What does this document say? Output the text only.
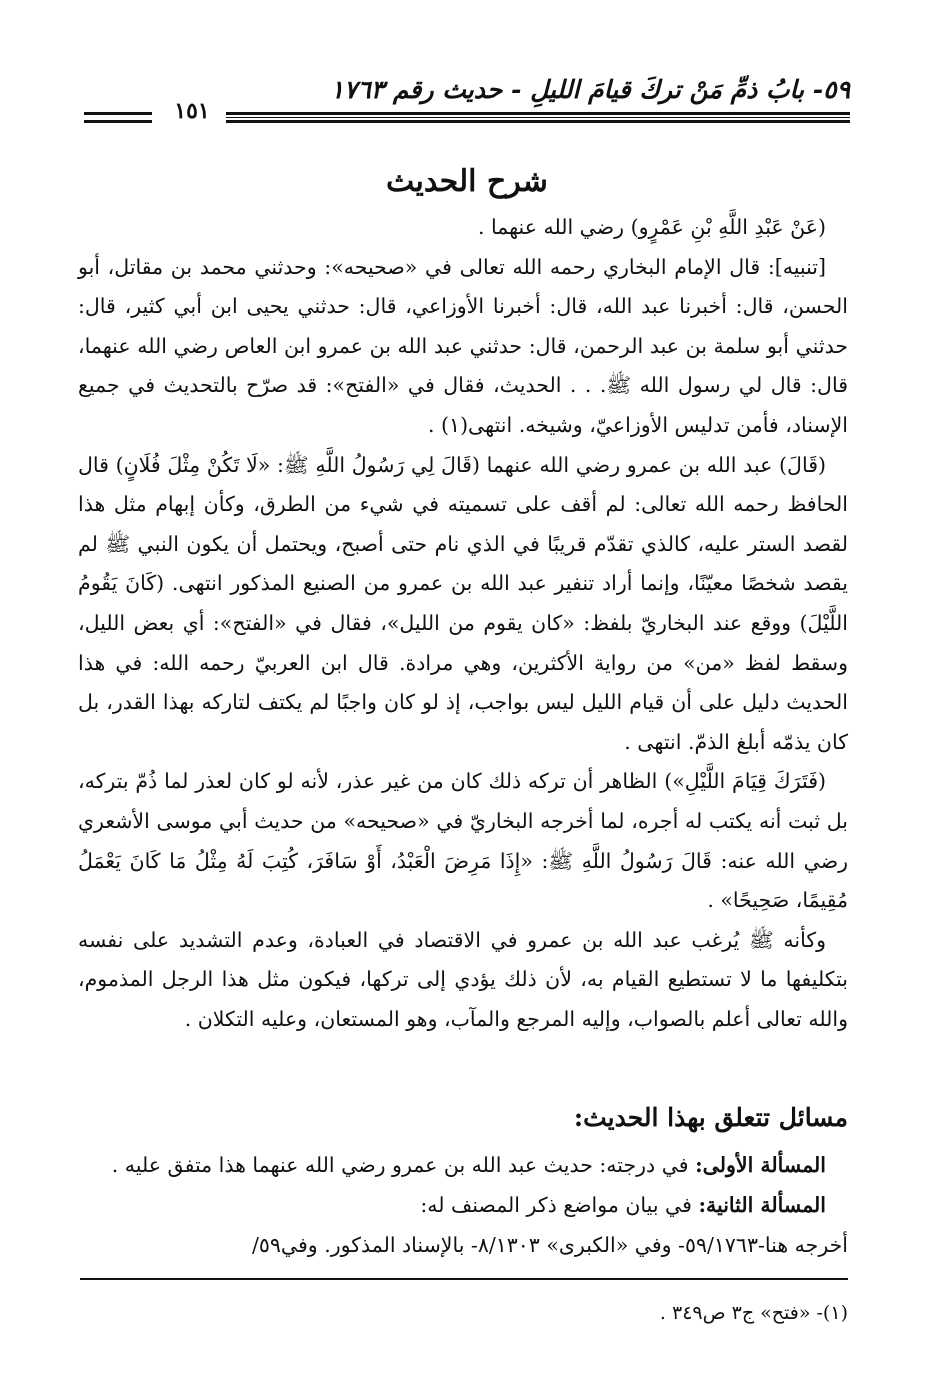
٥٩- بابُ ذمِّ مَنْ تركَ قيامَ الليلِ - حديث رقم ١٧٦٣
١٥١
شرح الحديث

(عَنْ عَبْدِ اللَّهِ بْنِ عَمْرٍو) رضي الله عنهما .

[تنبيه]: قال الإمام البخاري رحمه الله تعالى في «صحيحه»: وحدثني محمد بن مقاتل، أبو الحسن، قال: أخبرنا عبد الله، قال: أخبرنا الأوزاعي، قال: حدثني يحيى ابن أبي كثير، قال: حدثني أبو سلمة بن عبد الرحمن، قال: حدثني عبد الله بن عمرو ابن العاص رضي الله عنهما، قال: قال لي رسول الله ﷺ. . . الحديث، فقال في «الفتح»: قد صرّح بالتحديث في جميع الإسناد، فأمن تدليس الأوزاعيّ، وشيخه. انتهى(١) .

(قَالَ) عبد الله بن عمرو رضي الله عنهما (قَالَ لِي رَسُولُ اللَّهِ ﷺ: «لَا تَكُنْ مِثْلَ فُلَانٍ) قال الحافظ رحمه الله تعالى: لم أقف على تسميته في شيء من الطرق، وكأن إبهام مثل هذا لقصد الستر عليه، كالذي تقدّم قريبًا في الذي نام حتى أصبح، ويحتمل أن يكون النبي ﷺ لم يقصد شخصًا معيّنًا، وإنما أراد تنفير عبد الله بن عمرو من الصنيع المذكور انتهى. (كَانَ يَقُومُ اللَّيْلَ) ووقع عند البخاريّ بلفظ: «كان يقوم من الليل»، فقال في «الفتح»: أي بعض الليل، وسقط لفظ «من» من رواية الأكثرين، وهي مرادة. قال ابن العربيّ رحمه الله: في هذا الحديث دليل على أن قيام الليل ليس بواجب، إذ لو كان واجبًا لم يكتف لتاركه بهذا القدر، بل كان يذمّه أبلغ الذمّ. انتهى .

(فَتَرَكَ قِيَامَ اللَّيْلِ») الظاهر أن تركه ذلك كان من غير عذر، لأنه لو كان لعذر لما ذُمّ بتركه، بل ثبت أنه يكتب له أجره، لما أخرجه البخاريّ في «صحيحه» من حديث أبي موسى الأشعري رضي الله عنه: قَالَ رَسُولُ اللَّهِ ﷺ: «إِذَا مَرِضَ الْعَبْدُ، أَوْ سَافَرَ، كُتِبَ لَهُ مِثْلُ مَا كَانَ يَعْمَلُ مُقِيمًا، صَحِيحًا» .

وكأنه ﷺ يُرغب عبد الله بن عمرو في الاقتصاد في العبادة، وعدم التشديد على نفسه بتكليفها ما لا تستطيع القيام به، لأن ذلك يؤدي إلى تركها، فيكون مثل هذا الرجل المذموم، والله تعالى أعلم بالصواب، وإليه المرجع والمآب، وهو المستعان، وعليه التكلان .

مسائل تتعلق بهذا الحديث:

المسألة الأولى: في درجته: حديث عبد الله بن عمرو رضي الله عنهما هذا متفق عليه .

المسألة الثانية: في بيان مواضع ذكر المصنف له:

أخرجه هنا-٥٩/١٧٦٣- وفي «الكبرى» ٨/١٣٠٣- بالإسناد المذكور. وفي٥٩/

(١)- «فتح» ج٣ ص٣٤٩ .
